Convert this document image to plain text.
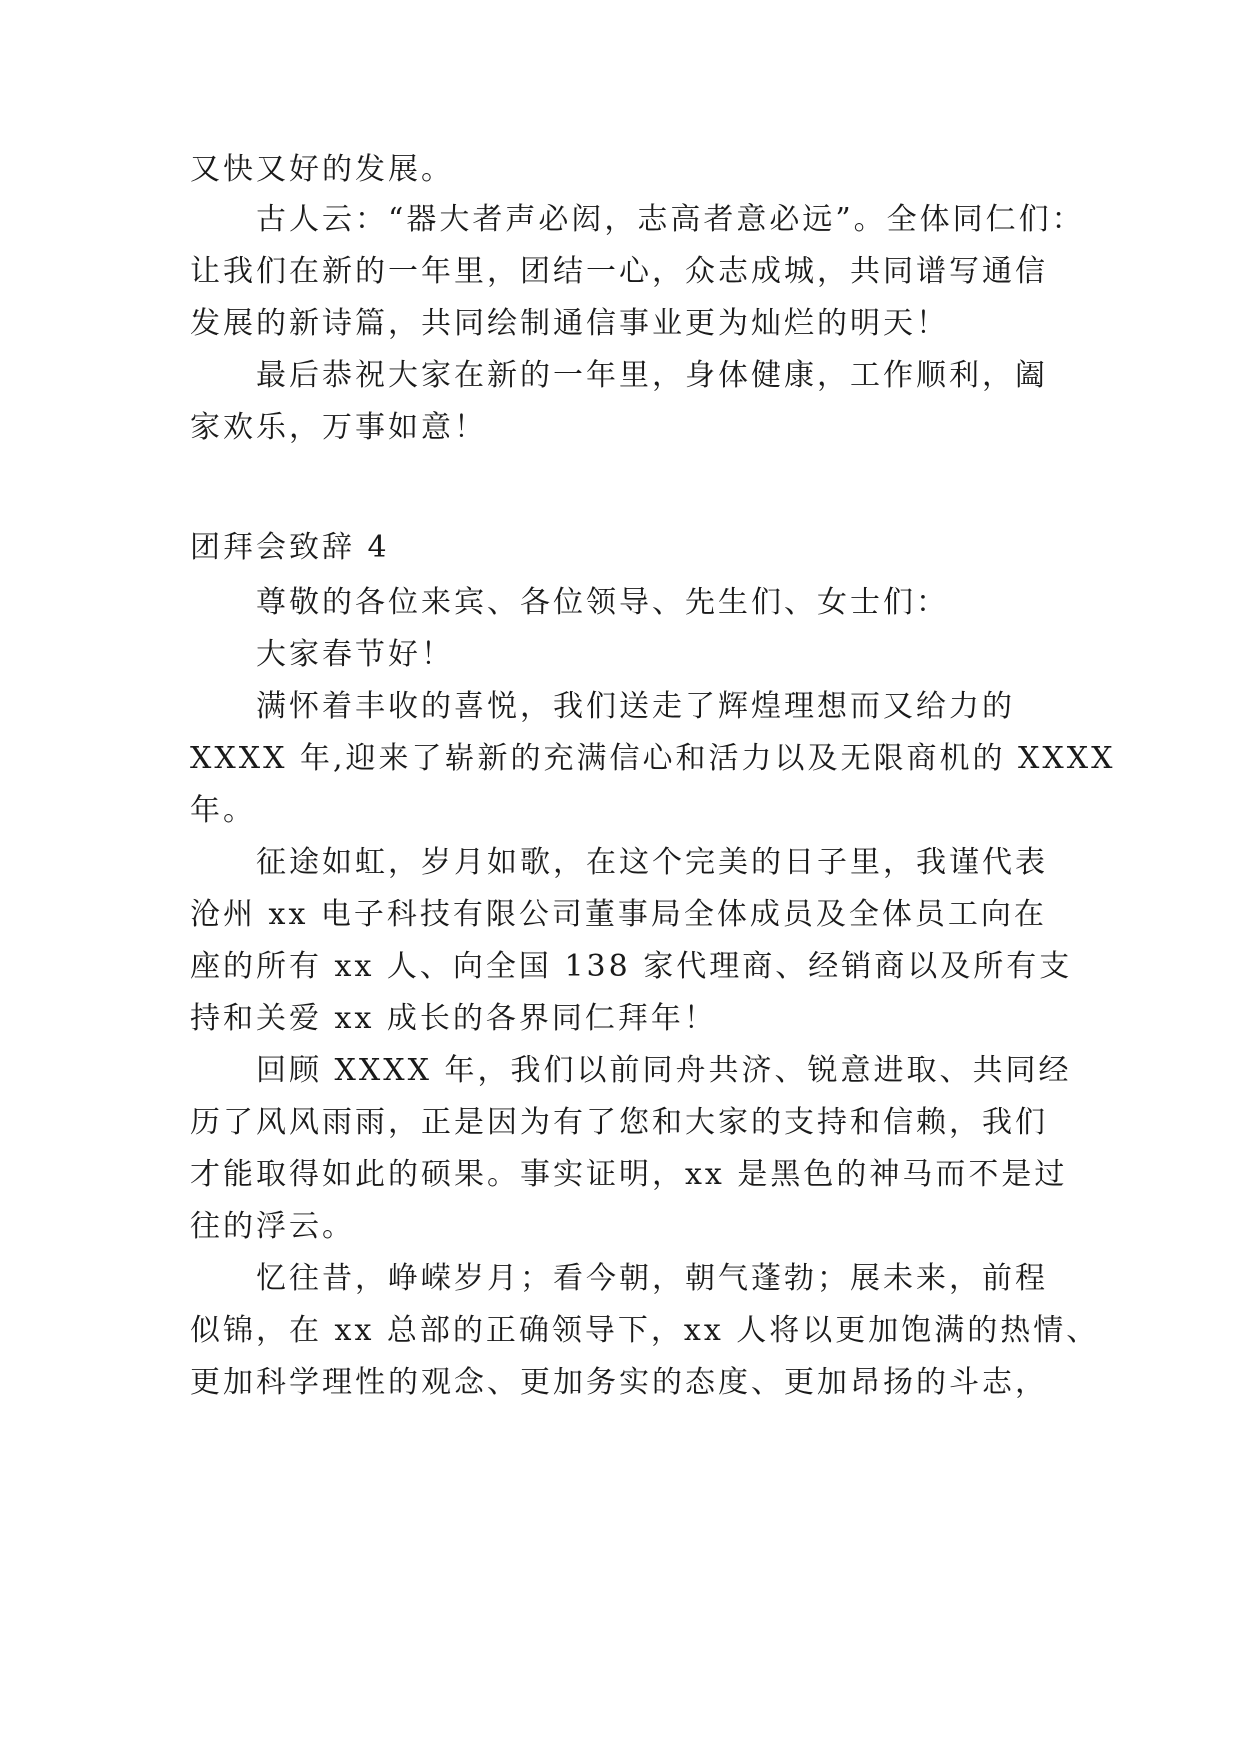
又快又好的发展。
古人云：“器大者声必闳，志高者意必远”。全体同仁们：
让我们在新的一年里，团结一心，众志成城，共同谱写通信
发展的新诗篇，共同绘制通信事业更为灿烂的明天！
最后恭祝大家在新的一年里，身体健康，工作顺利，阖
家欢乐，万事如意！
团拜会致辞 4
尊敬的各位来宾、各位领导、先生们、女士们：
大家春节好！
满怀着丰收的喜悦，我们送走了辉煌理想而又给力的
XXXX 年,迎来了崭新的充满信心和活力以及无限商机的 XXXX
年。
征途如虹，岁月如歌，在这个完美的日子里，我谨代表
沧州 xx 电子科技有限公司董事局全体成员及全体员工向在
座的所有 xx 人、向全国 138 家代理商、经销商以及所有支
持和关爱 xx 成长的各界同仁拜年！
回顾 XXXX 年，我们以前同舟共济、锐意进取、共同经
历了风风雨雨，正是因为有了您和大家的支持和信赖，我们
才能取得如此的硕果。事实证明，xx 是黑色的神马而不是过
往的浮云。
忆往昔，峥嵘岁月；看今朝，朝气蓬勃；展未来，前程
似锦，在 xx 总部的正确领导下，xx 人将以更加饱满的热情、
更加科学理性的观念、更加务实的态度、更加昂扬的斗志，
